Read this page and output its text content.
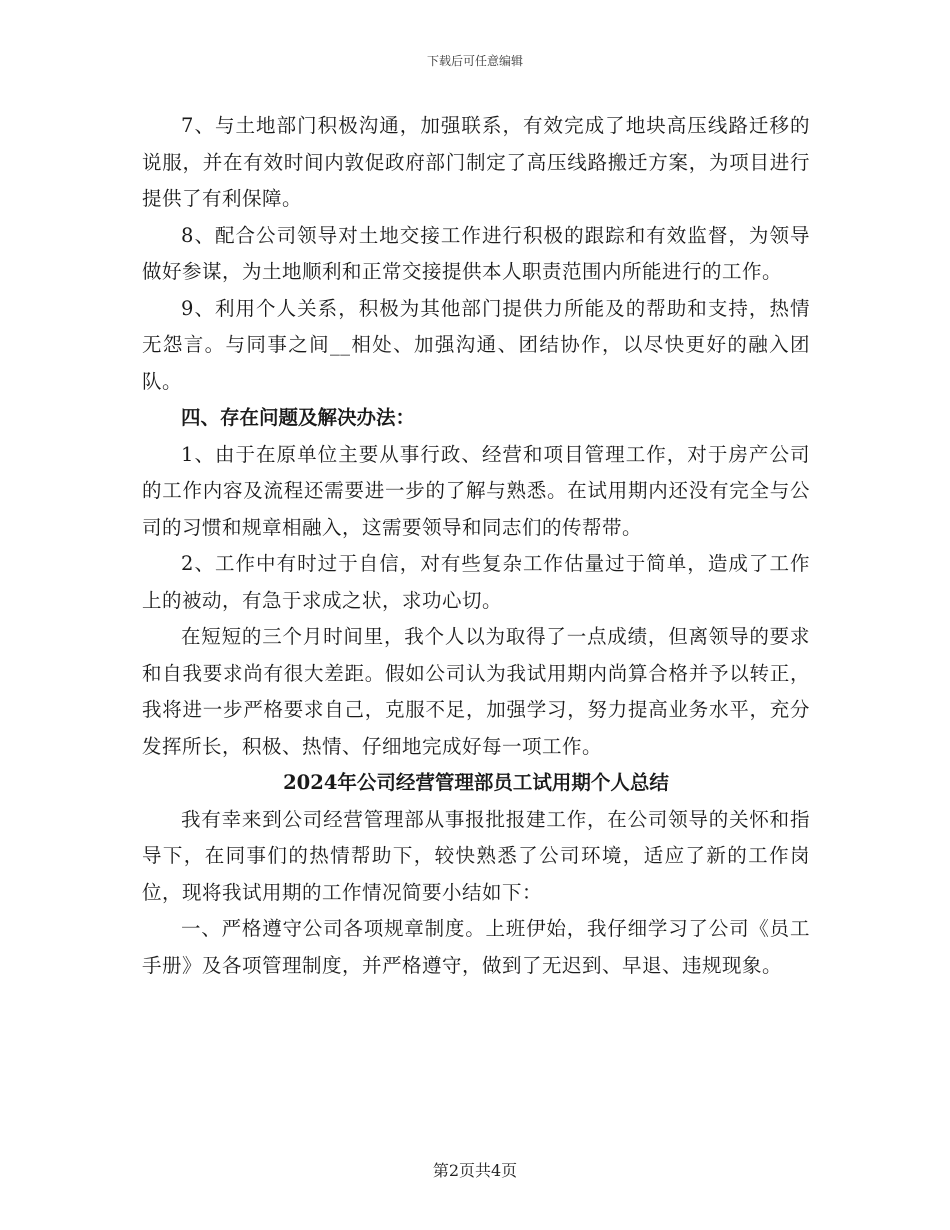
下载后可任意编辑

7、与土地部门积极沟通，加强联系，有效完成了地块高压线路迁移的说服，并在有效时间内敦促政府部门制定了高压线路搬迁方案，为项目进行提供了有利保障。

8、配合公司领导对土地交接工作进行积极的跟踪和有效监督，为领导做好参谋，为土地顺利和正常交接提供本人职责范围内所能进行的工作。

9、利用个人关系，积极为其他部门提供力所能及的帮助和支持，热情无怨言。与同事之间__相处、加强沟通、团结协作，以尽快更好的融入团队。

四、存在问题及解决办法：

1、由于在原单位主要从事行政、经营和项目管理工作，对于房产公司的工作内容及流程还需要进一步的了解与熟悉。在试用期内还没有完全与公司的习惯和规章相融入，这需要领导和同志们的传帮带。

2、工作中有时过于自信，对有些复杂工作估量过于简单，造成了工作上的被动，有急于求成之状，求功心切。

在短短的三个月时间里，我个人以为取得了一点成绩，但离领导的要求和自我要求尚有很大差距。假如公司认为我试用期内尚算合格并予以转正，我将进一步严格要求自己，克服不足，加强学习，努力提高业务水平，充分发挥所长，积极、热情、仔细地完成好每一项工作。

2024年公司经营管理部员工试用期个人总结

我有幸来到公司经营管理部从事报批报建工作，在公司领导的关怀和指导下，在同事们的热情帮助下，较快熟悉了公司环境，适应了新的工作岗位，现将我试用期的工作情况简要小结如下：

一、严格遵守公司各项规章制度。上班伊始，我仔细学习了公司《员工手册》及各项管理制度，并严格遵守，做到了无迟到、早退、违规现象。

第2页共4页
